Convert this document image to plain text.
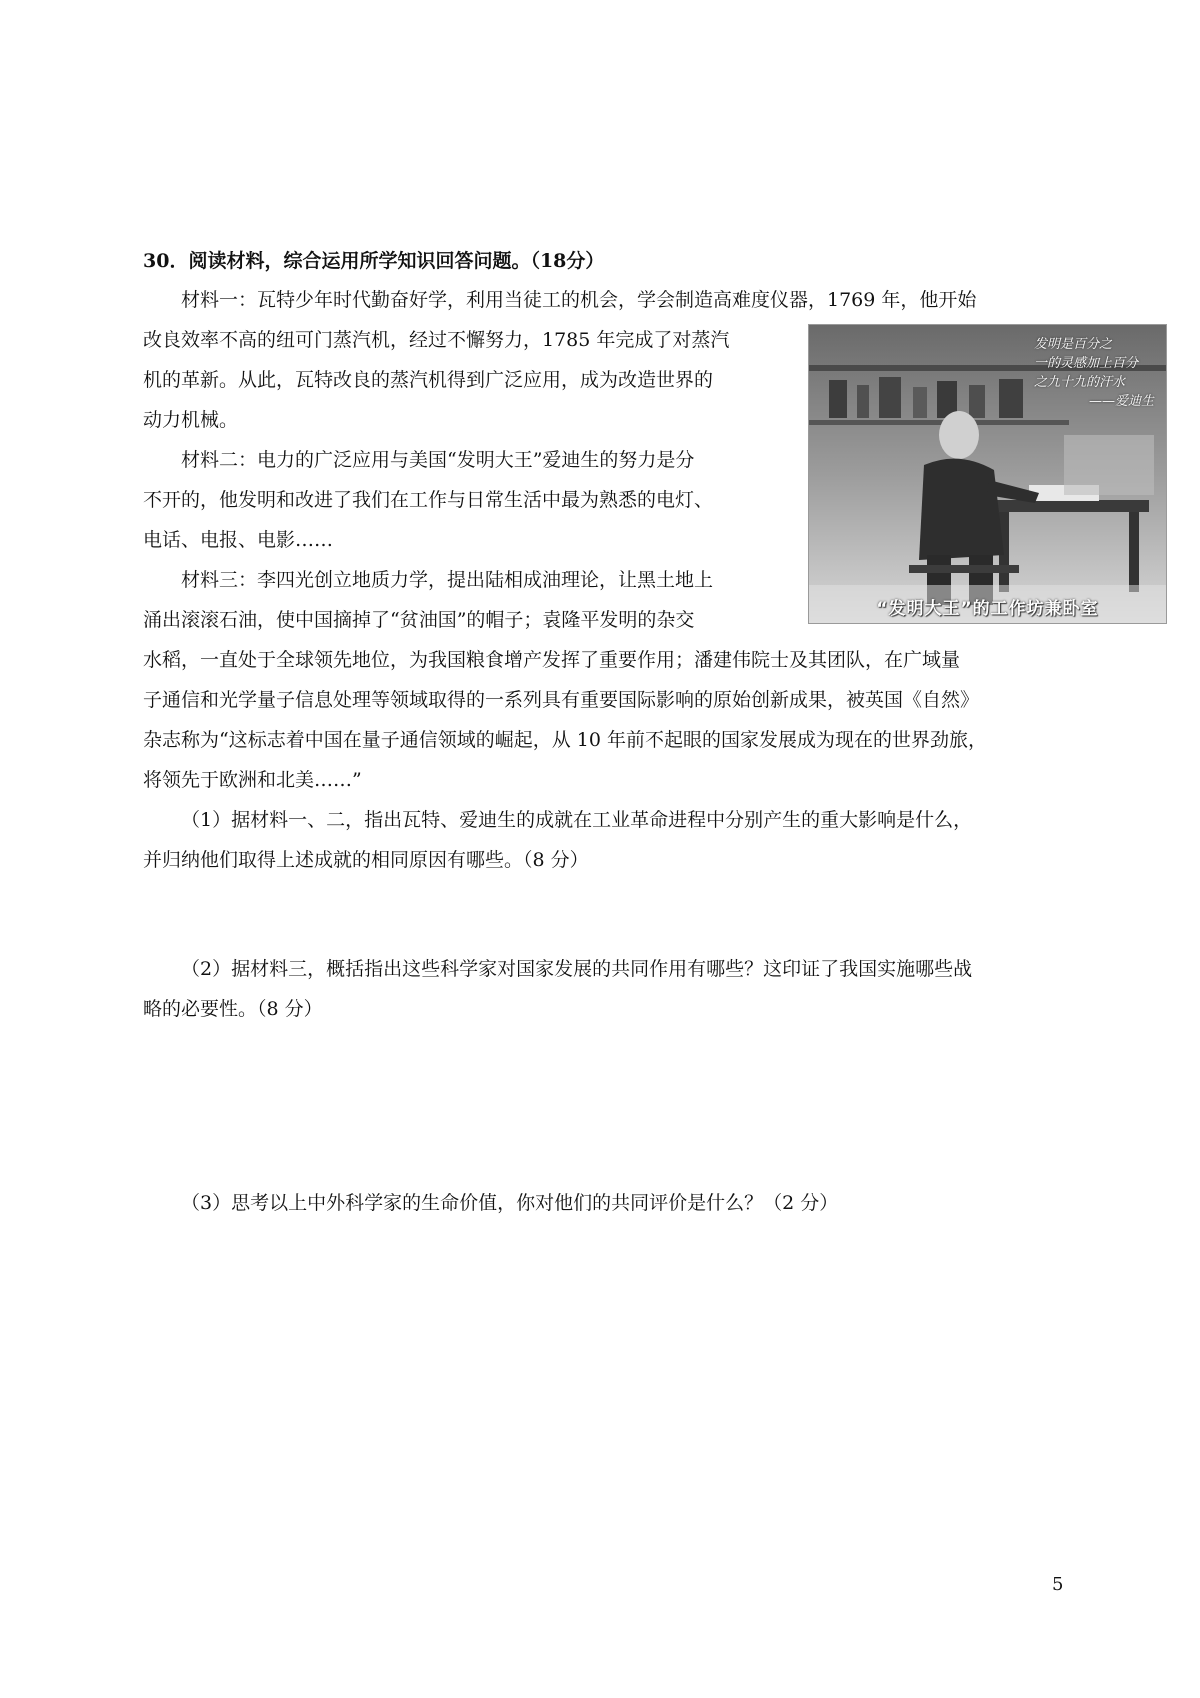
30．阅读材料，综合运用所学知识回答问题。（18分）
材料一：瓦特少年时代勤奋好学，利用当徒工的机会，学会制造高难度仪器，1769 年，他开始
改良效率不高的纽可门蒸汽机，经过不懈努力，1785 年完成了对蒸汽
机的革新。从此，瓦特改良的蒸汽机得到广泛应用，成为改造世界的
动力机械。
材料二：电力的广泛应用与美国“发明大王”爱迪生的努力是分
不开的，他发明和改进了我们在工作与日常生活中最为熟悉的电灯、
电话、电报、电影……
材料三：李四光创立地质力学，提出陆相成油理论，让黑土地上
涌出滚滚石油，使中国摘掉了“贫油国”的帽子；袁隆平发明的杂交
水稻，一直处于全球领先地位，为我国粮食增产发挥了重要作用；潘建伟院士及其团队，在广域量
子通信和光学量子信息处理等领域取得的一系列具有重要国际影响的原始创新成果，被英国《自然》
杂志称为“这标志着中国在量子通信领域的崛起，从 10 年前不起眼的国家发展成为现在的世界劲旅，
将领先于欧洲和北美……”
（1）据材料一、二，指出瓦特、爱迪生的成就在工业革命进程中分别产生的重大影响是什么，
并归纳他们取得上述成就的相同原因有哪些。（8 分）
（2）据材料三，概括指出这些科学家对国家发展的共同作用有哪些？这印证了我国实施哪些战
略的必要性。（8 分）
（3）思考以上中外科学家的生命价值，你对他们的共同评价是什么？（2 分）
发明是百分之
一的灵感加上百分
之九十九的汗水
——爱迪生
“发明大王”的工作坊兼卧室
5
